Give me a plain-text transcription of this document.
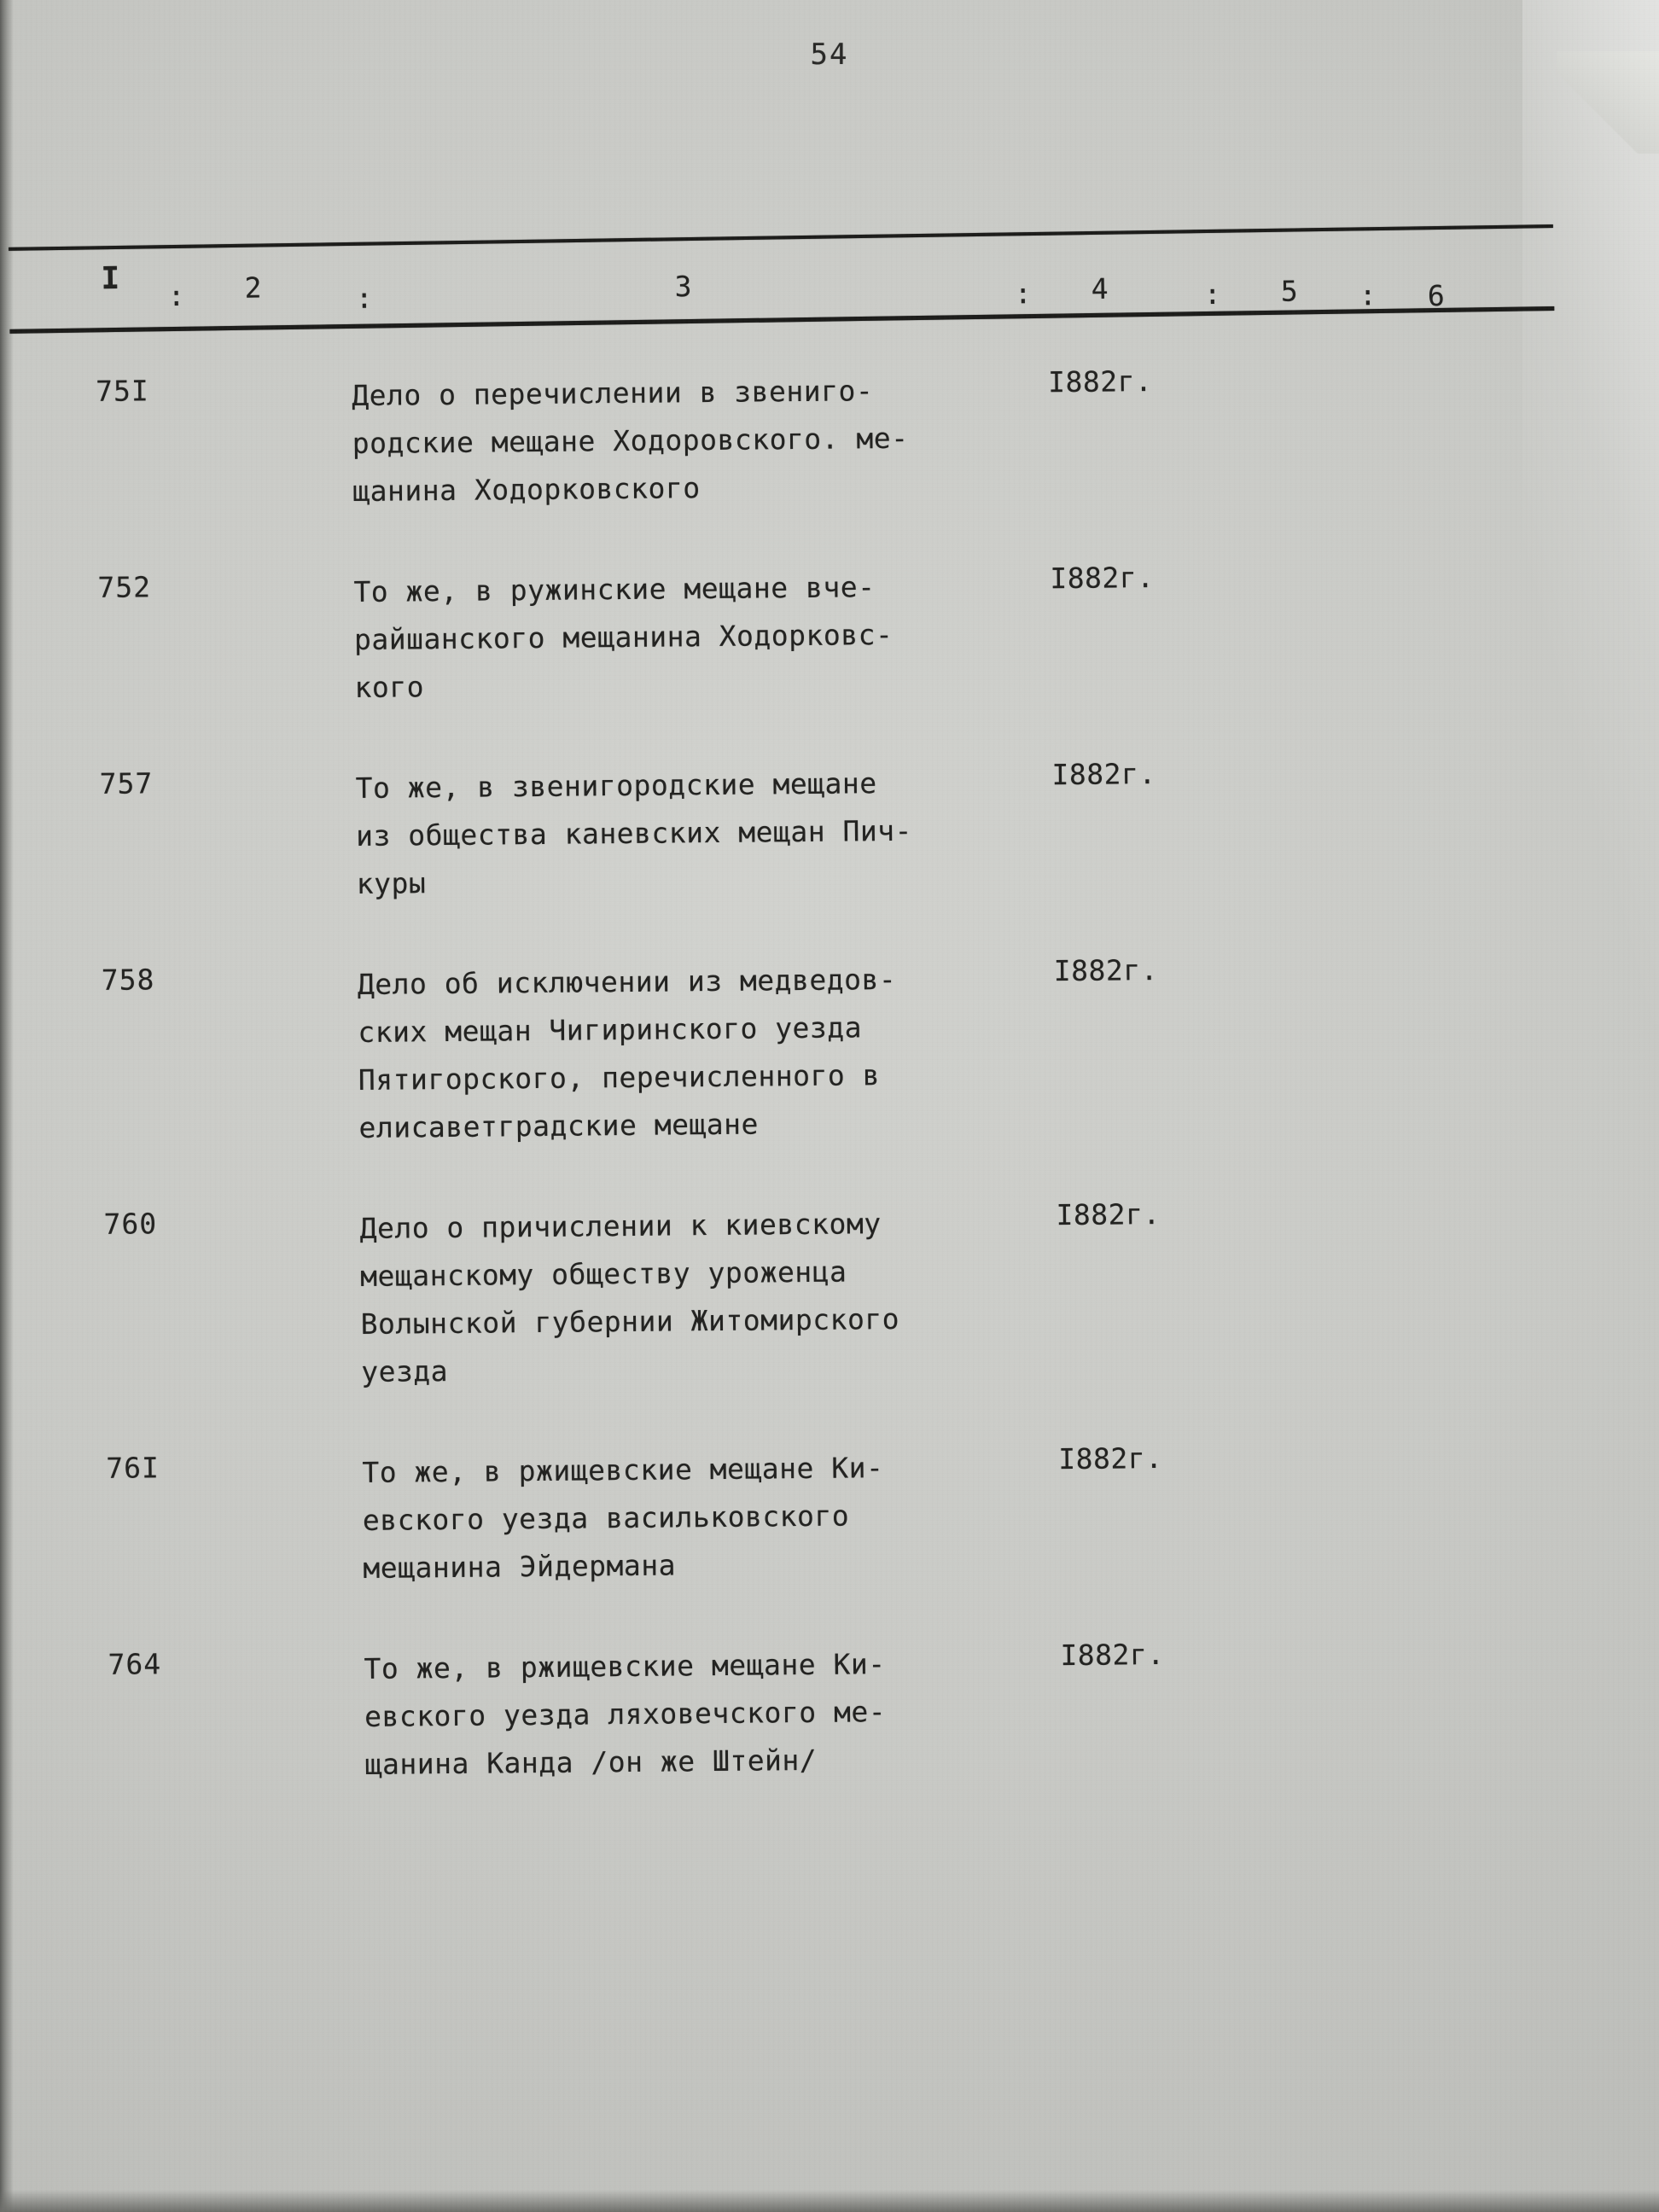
54
I : 2	:	3	: 4	: 5 : 6
75I	Дело о перечислении в звениго-
родские мещане Ходоровского. ме-
щанина Ходорковского
I882г.
752	То же, в ружинские мещане вче-
райшанского мещанина Ходорковс-
кого
I882г.
757	То же, в звенигородские мещане
из общества каневских мещан Пич-
куры
I882г.
758	Дело об исключении из медведов-
ских мещан Чигиринского уезда
Пятигорского, перечисленного в
елисаветградские мещане
I882г.
760	Дело о причислении к киевскому
мещанскому обществу уроженца
Волынской губернии Житомирского
уезда
I882г.
76I	То же, в ржищевские мещане Ки-
евского уезда васильковского
мещанина Эйдермана
I882г.
764	То же, в ржищевские мещане Ки-
евского уезда ляховечского ме-
щанина Канда /он же Штейн/
I882г.
